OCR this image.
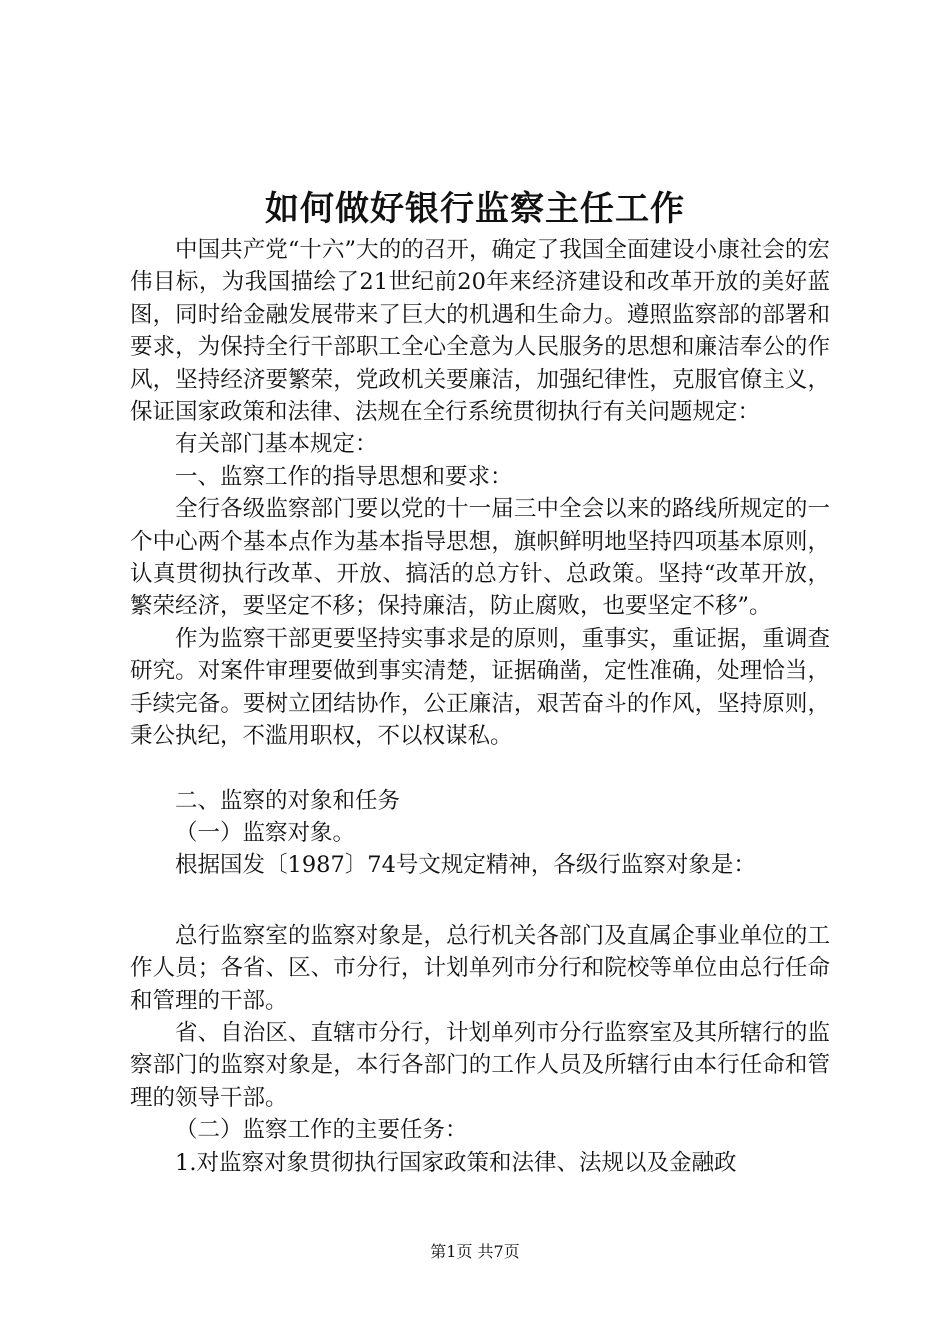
如何做好银行监察主任工作

中国共产党“十六”大的的召开，确定了我国全面建设小康社会的宏伟目标，为我国描绘了21世纪前20年来经济建设和改革开放的美好蓝图，同时给金融发展带来了巨大的机遇和生命力。遵照监察部的部署和要求，为保持全行干部职工全心全意为人民服务的思想和廉洁奉公的作风，坚持经济要繁荣，党政机关要廉洁，加强纪律性，克服官僚主义，保证国家政策和法律、法规在全行系统贯彻执行有关问题规定：

有关部门基本规定：

一、监察工作的指导思想和要求：

全行各级监察部门要以党的十一届三中全会以来的路线所规定的一个中心两个基本点作为基本指导思想，旗帜鲜明地坚持四项基本原则，认真贯彻执行改革、开放、搞活的总方针、总政策。坚持“改革开放，繁荣经济，要坚定不移；保持廉洁，防止腐败，也要坚定不移”。

作为监察干部更要坚持实事求是的原则，重事实，重证据，重调查研究。对案件审理要做到事实清楚，证据确凿，定性准确，处理恰当，手续完备。要树立团结协作，公正廉洁，艰苦奋斗的作风，坚持原则，秉公执纪，不滥用职权，不以权谋私。

二、监察的对象和任务

（一）监察对象。

根据国发〔1987〕74号文规定精神，各级行监察对象是：

总行监察室的监察对象是，总行机关各部门及直属企事业单位的工作人员；各省、区、市分行，计划单列市分行和院校等单位由总行任命和管理的干部。

省、自治区、直辖市分行，计划单列市分行监察室及其所辖行的监察部门的监察对象是，本行各部门的工作人员及所辖行由本行任命和管理的领导干部。

（二）监察工作的主要任务：

1.对监察对象贯彻执行国家政策和法律、法规以及金融政

第1页 共7页
